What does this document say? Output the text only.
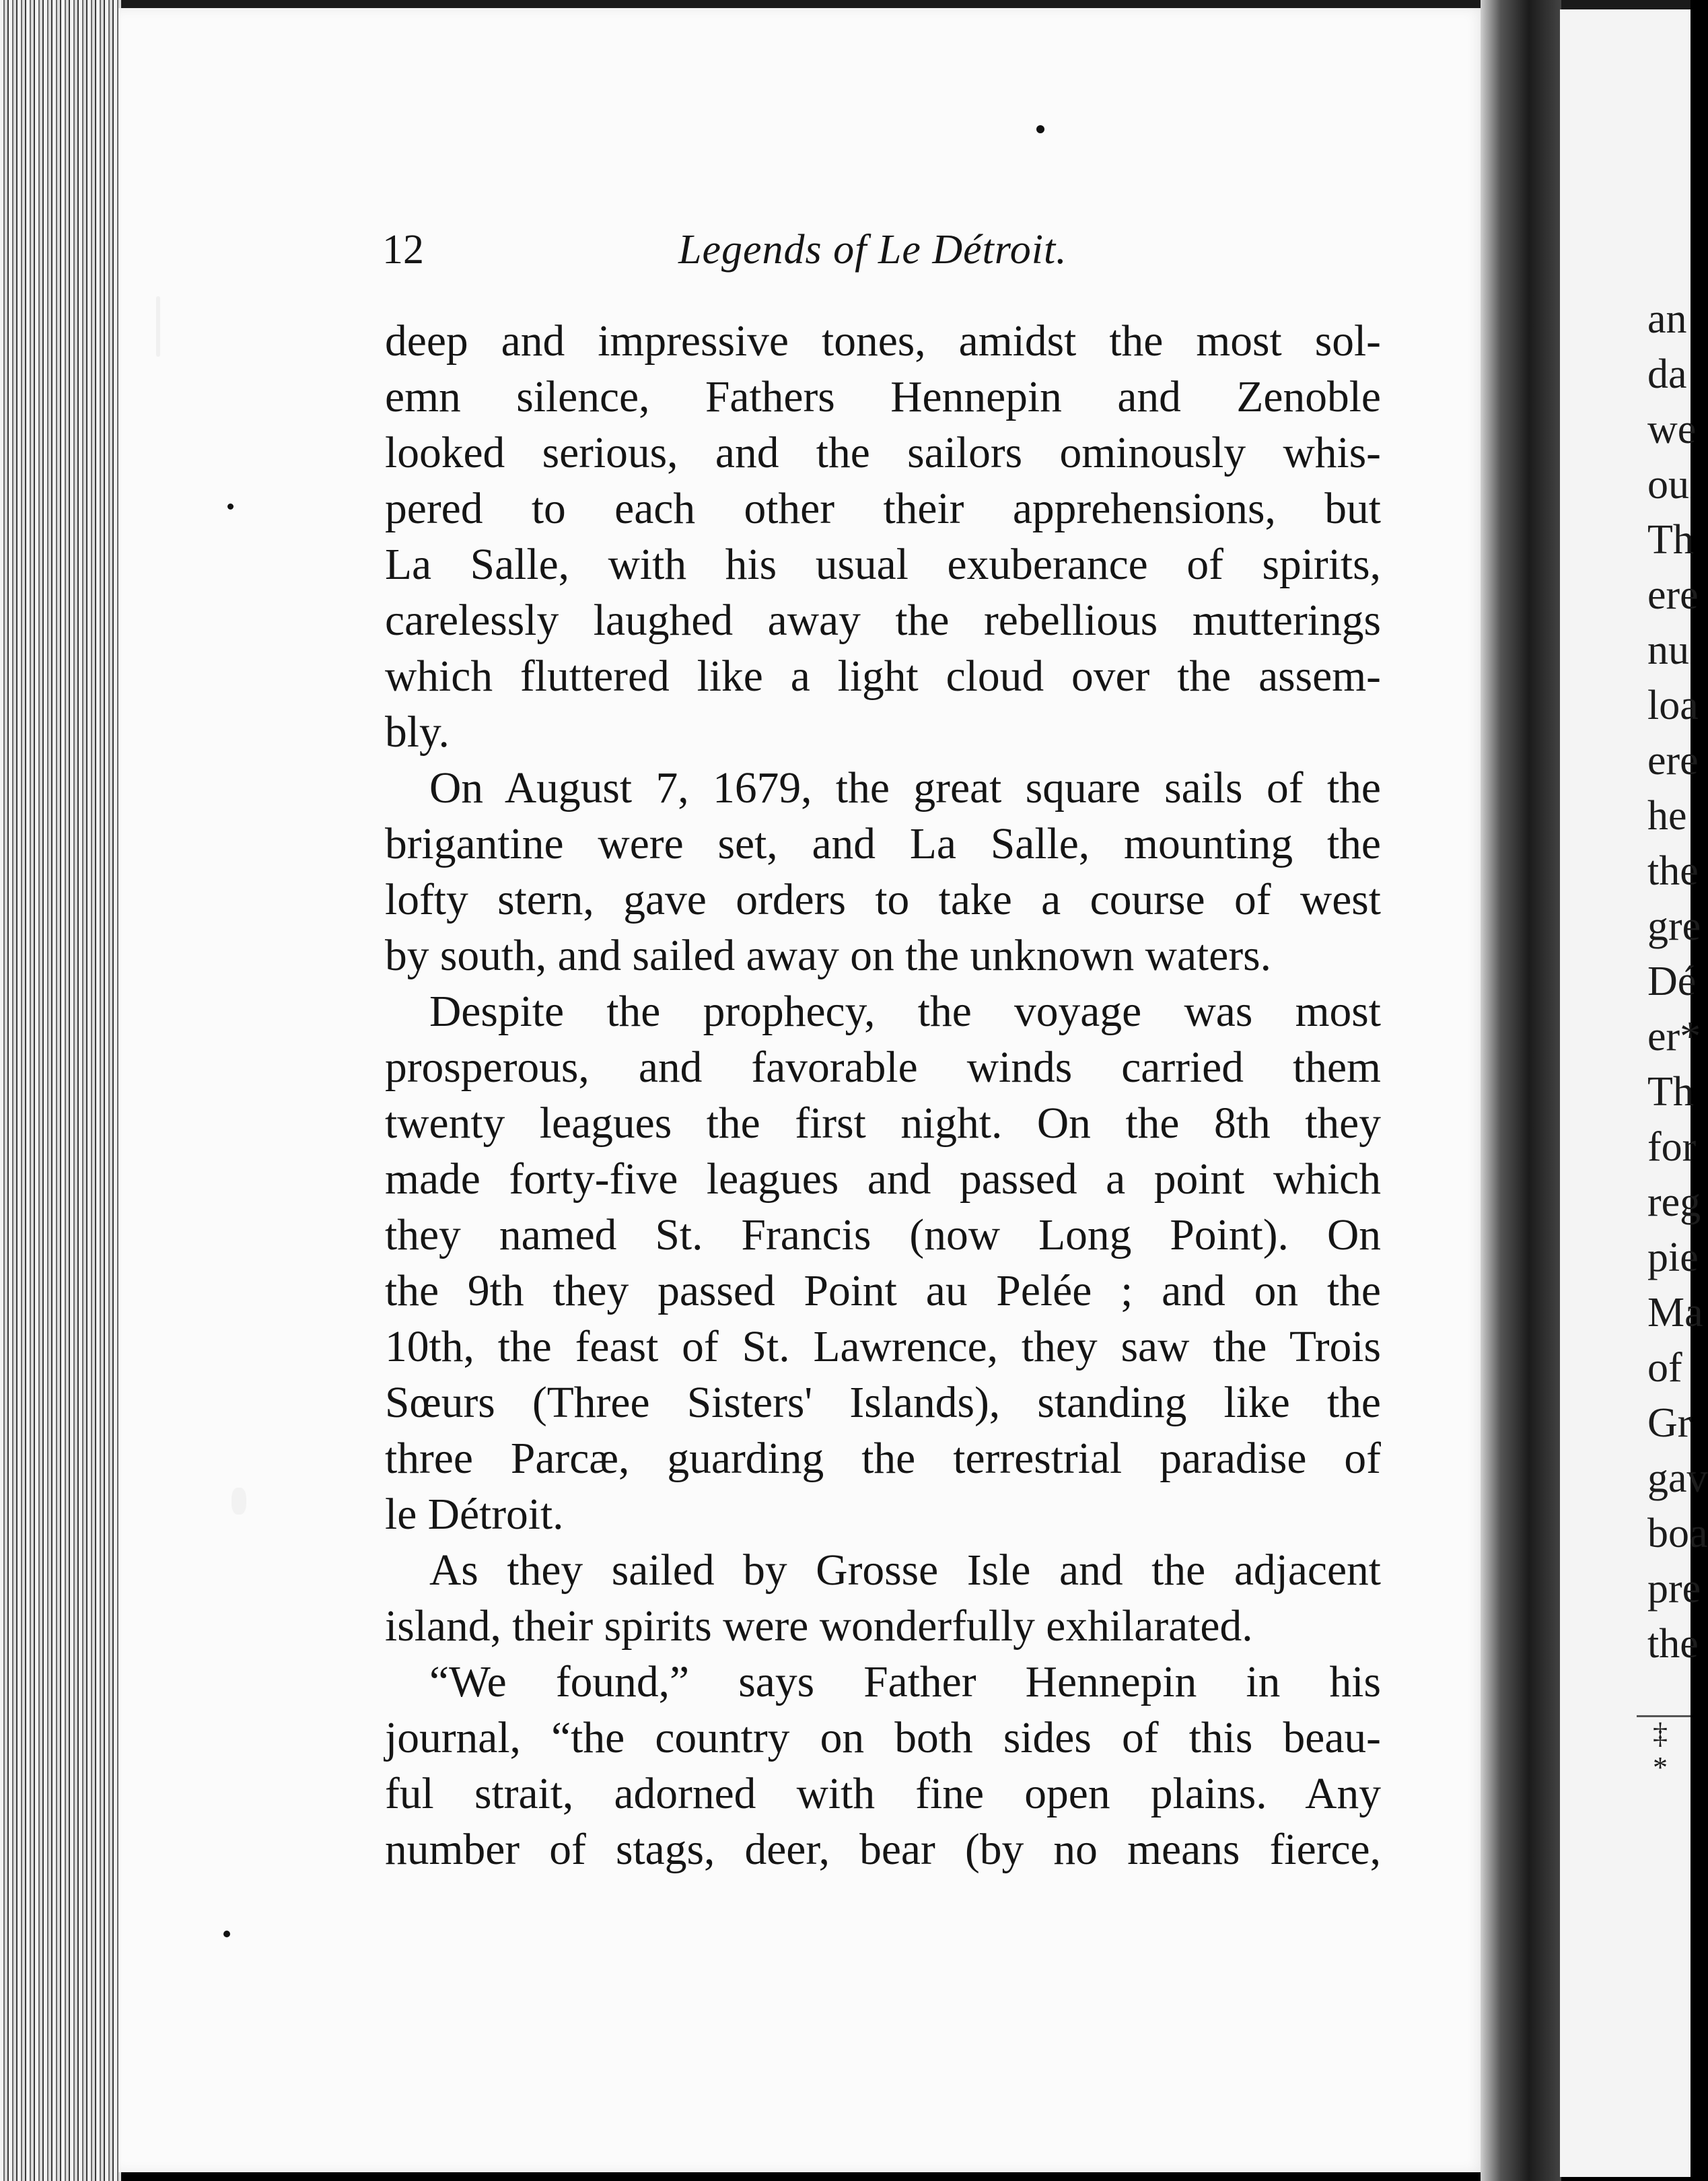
an

da

we

ou

Th

ere

nu

loa

ere

he

the

gre

Dé

er*

Th

for

reg

pie

Ma

of

Gr

gav

boa

pre

the

‡

*

12	Legends of Le Détroit.
deep and impressive tones, amidst the most sol-
emn silence, Fathers Hennepin and Zenoble
looked serious, and the sailors ominously whis-
pered to each other their apprehensions, but
La Salle, with his usual exuberance of spirits,
carelessly laughed away the rebellious mutterings
which fluttered like a light cloud over the assem-
bly.
On August 7, 1679, the great square sails of the
brigantine were set, and La Salle, mounting the
lofty stern, gave orders to take a course of west
by south, and sailed away on the unknown waters.
Despite the prophecy, the voyage was most
prosperous, and favorable winds carried them
twenty leagues the first night. On the 8th they
made forty-five leagues and passed a point which
they named St. Francis (now Long Point). On
the 9th they passed Point au Pelée ; and on the
10th, the feast of St. Lawrence, they saw the Trois
Sœurs (Three Sisters' Islands), standing like the
three Parcæ, guarding the terrestrial paradise of
le Détroit.
As they sailed by Grosse Isle and the adjacent
island, their spirits were wonderfully exhilarated.
“We found,” says Father Hennepin in his
journal, “the country on both sides of this beau-
ful strait, adorned with fine open plains. Any
number of stags, deer, bear (by no means fierce,
